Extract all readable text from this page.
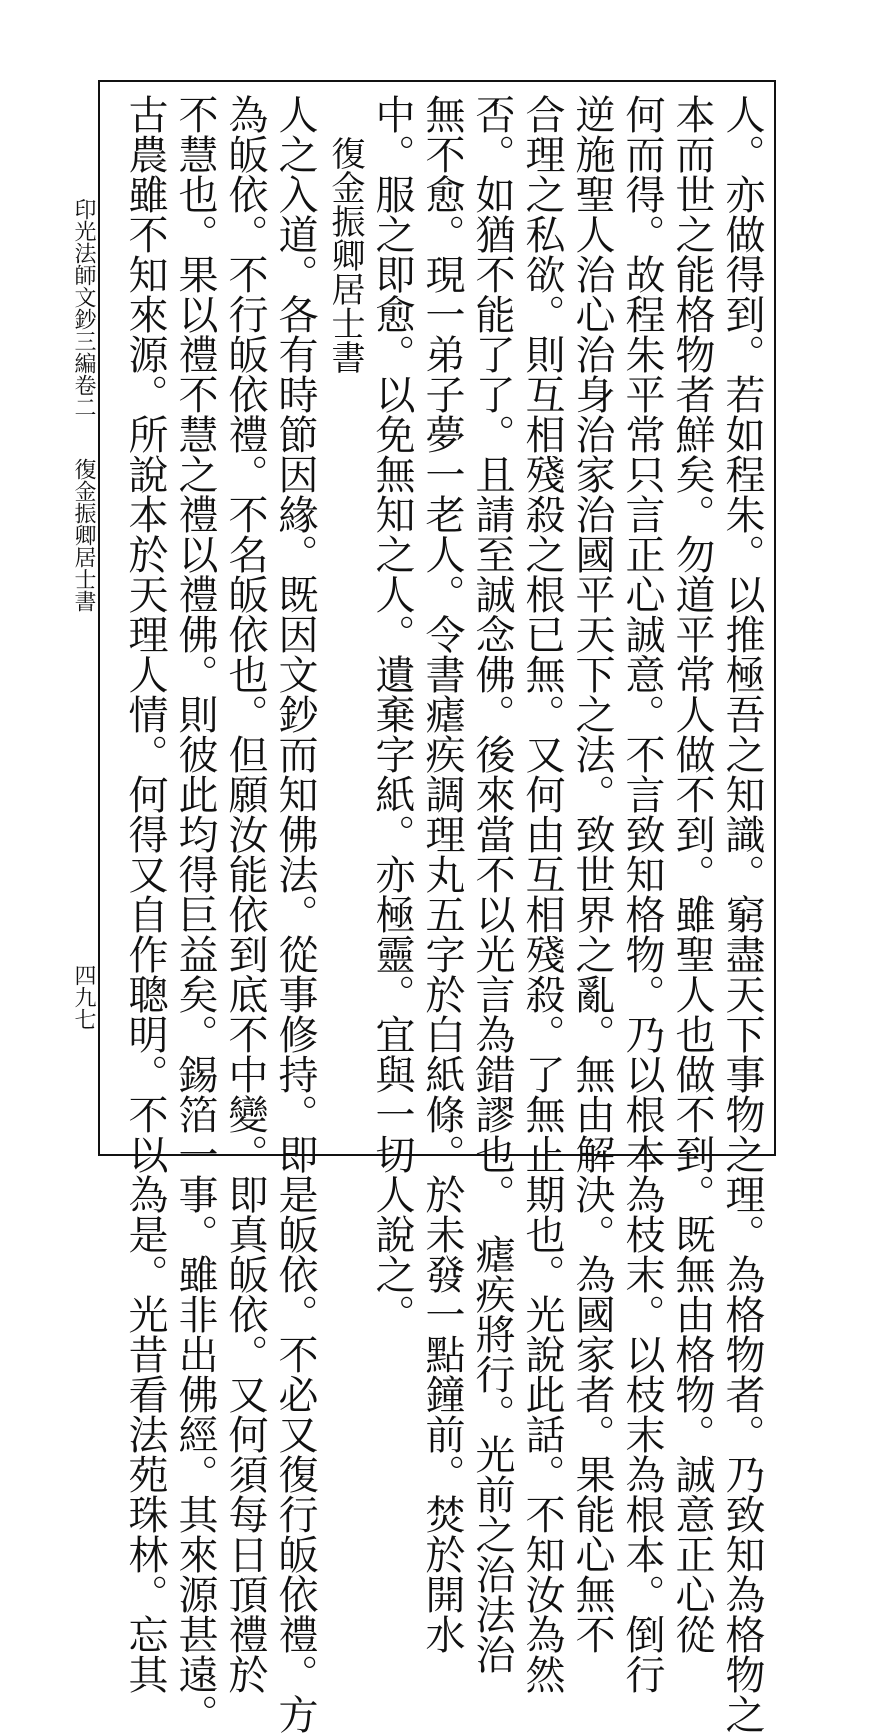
人。亦做得到。若如程朱。以推極吾之知識。窮盡天下事物之理。為格物者。乃致知為格物之
本而世之能格物者鮮矣。勿道平常人做不到。雖聖人也做不到。既無由格物。誠意正心從
何而得。故程朱平常只言正心誠意。不言致知格物。乃以根本為枝末。以枝末為根本。倒行
逆施聖人治心治身治家治國平天下之法。致世界之亂。無由解決。為國家者。果能心無不
合理之私欲。則互相殘殺之根已無。又何由互相殘殺。了無止期也。光說此話。不知汝為然
否。如猶不能了了。且請至誠念佛。後來當不以光言為錯謬也。　瘧疾將行。光前之治法治
無不愈。現一弟子夢一老人。令書瘧疾調理丸五字於白紙條。於未發一點鐘前。焚於開水
中。服之即愈。以免無知之人。遺棄字紙。亦極靈。宜與一切人說之。
復金振卿居士書
人之入道。各有時節因緣。既因文鈔而知佛法。從事修持。即是皈依。不必又復行皈依禮。方
為皈依。不行皈依禮。不名皈依也。但願汝能依到底不中變。即真皈依。又何須每日頂禮於
不慧也。果以禮不慧之禮以禮佛。則彼此均得巨益矣。錫箔一事。雖非出佛經。其來源甚遠。
古農雖不知來源。所說本於天理人情。何得又自作聰明。不以為是。光昔看法苑珠林。忘其
印光法師文鈔三編卷二
復金振卿居士書
四九七
